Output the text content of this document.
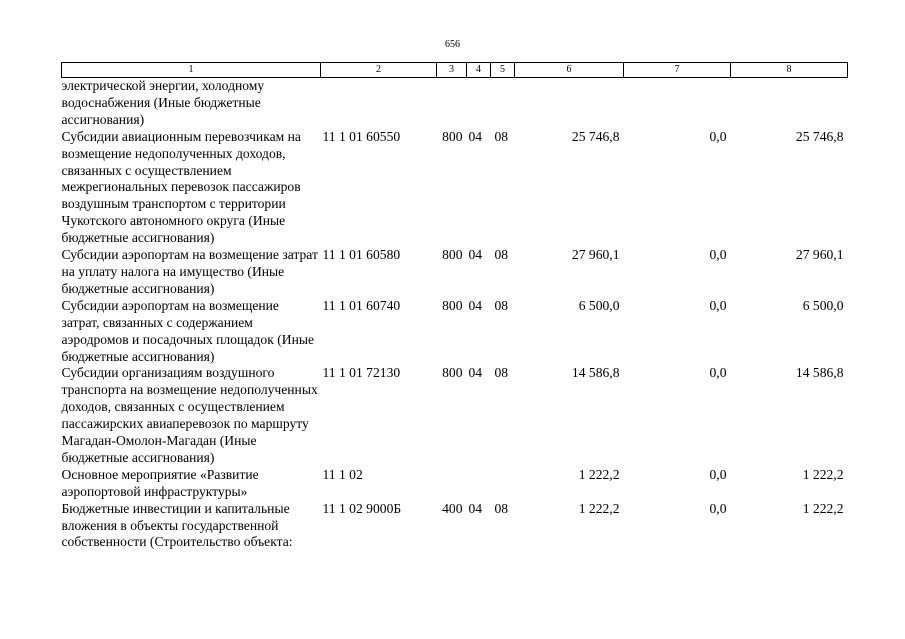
656
1	2	3	4	5	6	7	8
электрической энергии, холодному водоснабжения (Иные бюджетные ассигнования)							
Субсидии авиационным перевозчикам на возмещение недополученных доходов, связанных с осуществлением межрегиональных перевозок пассажиров воздушным транспортом с территории Чукотского автономного округа (Иные бюджетные ассигнования)	11 1 01 60550	800	04	08	25 746,8	0,0	25 746,8
Субсидии аэропортам на возмещение затрат на уплату налога на имущество (Иные бюджетные ассигнования)	11 1 01 60580	800	04	08	27 960,1	0,0	27 960,1
Субсидии аэропортам на возмещение затрат, связанных с содержанием аэродромов и посадочных площадок (Иные бюджетные ассигнования)	11 1 01 60740	800	04	08	6 500,0	0,0	6 500,0
Субсидии организациям воздушного транспорта на возмещение недополученных доходов, связанных с осуществлением пассажирских авиаперевозок по маршруту Магадан-Омолон-Магадан (Иные бюджетные ассигнования)	11 1 01 72130	800	04	08	14 586,8	0,0	14 586,8
Основное мероприятие «Развитие аэропортовой инфраструктуры»	11 1 02				1 222,2	0,0	1 222,2
Бюджетные инвестиции и капитальные вложения в объекты государственной собственности (Строительство объекта:	11 1 02 9000Б	400	04	08	1 222,2	0,0	1 222,2
